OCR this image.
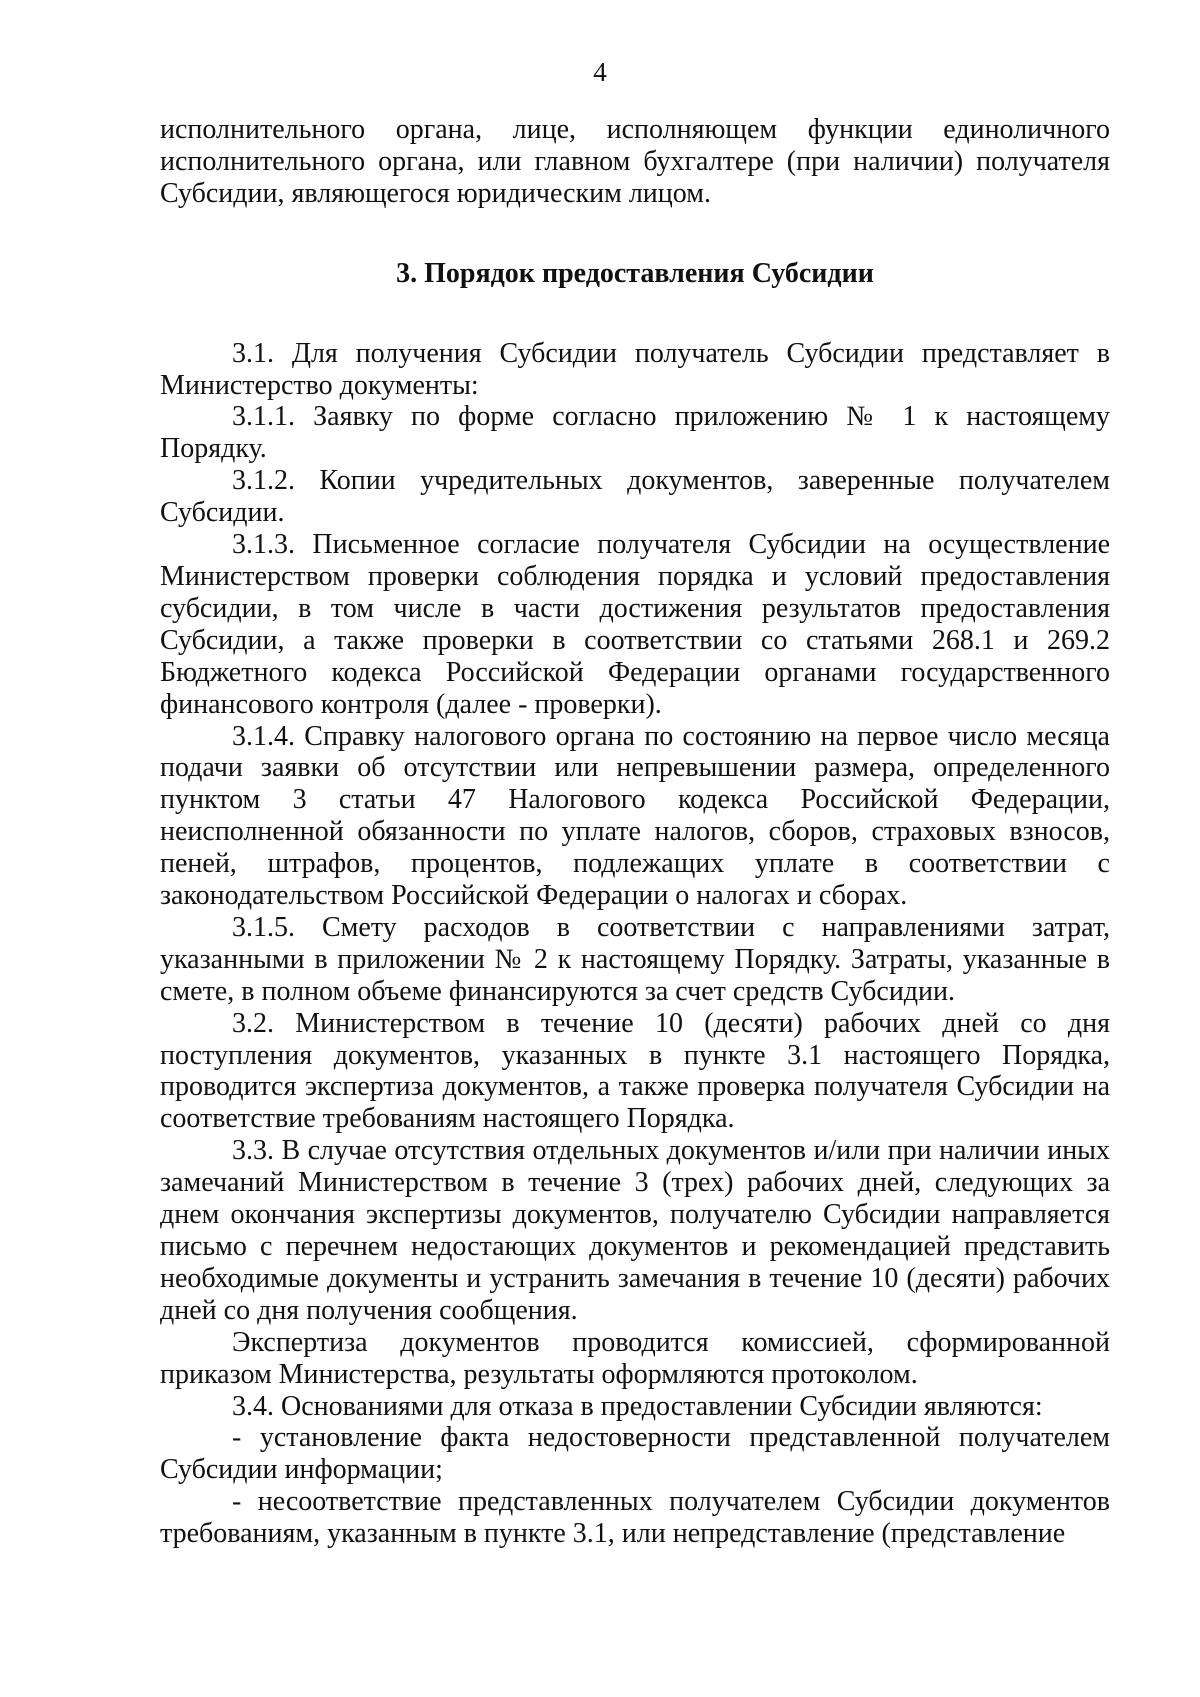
4

исполнительного органа, лице, исполняющем функции единоличного исполнительного органа, или главном бухгалтере (при наличии) получателя Субсидии, являющегося юридическим лицом.

3. Порядок предоставления Субсидии

3.1. Для получения Субсидии получатель Субсидии представляет в Министерство документы:

3.1.1. Заявку по форме согласно приложению № 1 к настоящему Порядку.

3.1.2. Копии учредительных документов, заверенные получателем Субсидии.

3.1.3. Письменное согласие получателя Субсидии на осуществление Министерством проверки соблюдения порядка и условий предоставления субсидии, в том числе в части достижения результатов предоставления Субсидии, а также проверки в соответствии со статьями 268.1 и 269.2 Бюджетного кодекса Российской Федерации органами государственного финансового контроля (далее - проверки).

3.1.4. Справку налогового органа по состоянию на первое число месяца подачи заявки об отсутствии или непревышении размера, определенного пунктом 3 статьи 47 Налогового кодекса Российской Федерации, неисполненной обязанности по уплате налогов, сборов, страховых взносов, пеней, штрафов, процентов, подлежащих уплате в соответствии с законодательством Российской Федерации о налогах и сборах.

3.1.5. Смету расходов в соответствии с направлениями затрат, указанными в приложении № 2 к настоящему Порядку. Затраты, указанные в смете, в полном объеме финансируются за счет средств Субсидии.

3.2. Министерством в течение 10 (десяти) рабочих дней со дня поступления документов, указанных в пункте 3.1 настоящего Порядка, проводится экспертиза документов, а также проверка получателя Субсидии на соответствие требованиям настоящего Порядка.

3.3. В случае отсутствия отдельных документов и/или при наличии иных замечаний Министерством в течение 3 (трех) рабочих дней, следующих за днем окончания экспертизы документов, получателю Субсидии направляется письмо с перечнем недостающих документов и рекомендацией представить необходимые документы и устранить замечания в течение 10 (десяти) рабочих дней со дня получения сообщения.

Экспертиза документов проводится комиссией, сформированной приказом Министерства, результаты оформляются протоколом.

3.4. Основаниями для отказа в предоставлении Субсидии являются:

- установление факта недостоверности представленной получателем Субсидии информации;

- несоответствие представленных получателем Субсидии документов требованиям, указанным в пункте 3.1, или непредставление (представление
